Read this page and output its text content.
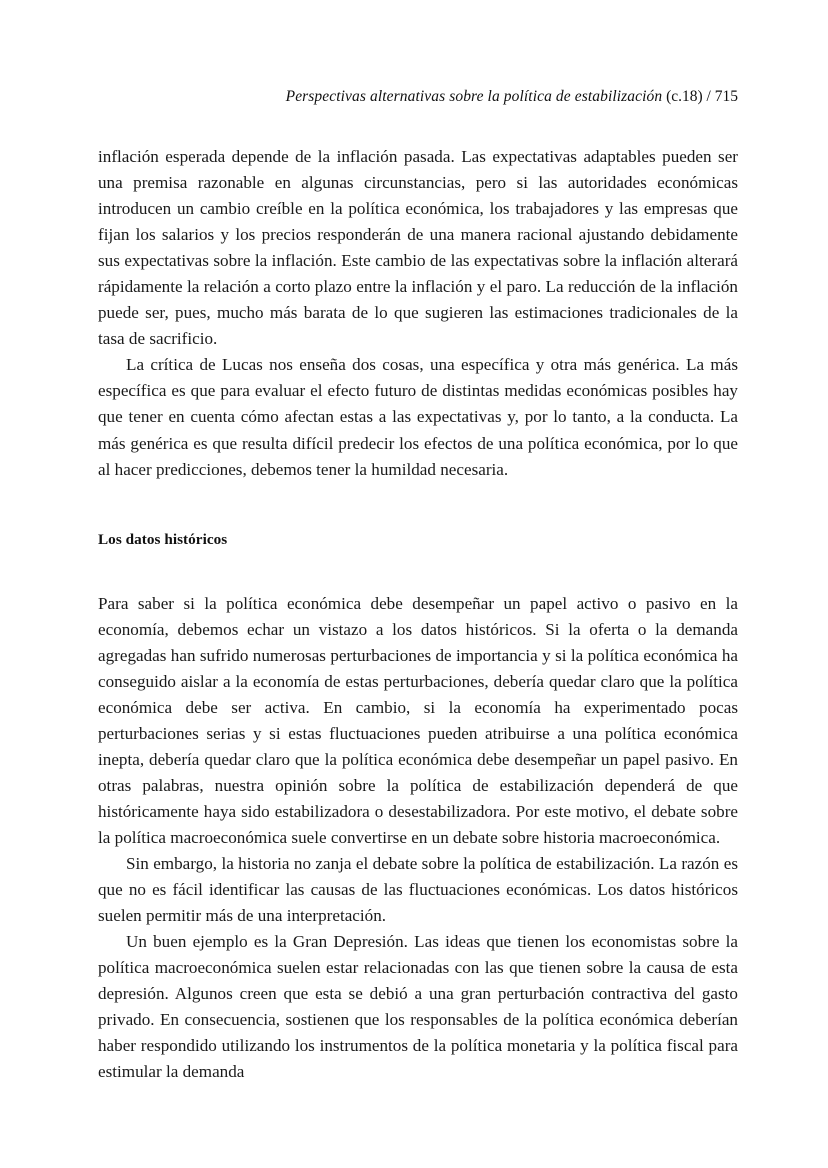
Perspectivas alternativas sobre la política de estabilización (c.18) / 715

inflación esperada depende de la inflación pasada. Las expectativas adaptables pueden ser una premisa razonable en algunas circunstancias, pero si las autoridades económicas introducen un cambio creíble en la política económica, los trabajadores y las empresas que fijan los salarios y los precios responderán de una manera racional ajustando debidamente sus expectativas sobre la inflación. Este cambio de las expectativas sobre la inflación alterará rápidamente la relación a corto plazo entre la inflación y el paro. La reducción de la inflación puede ser, pues, mucho más barata de lo que sugieren las estimaciones tradicionales de la tasa de sacrificio.

La crítica de Lucas nos enseña dos cosas, una específica y otra más genérica. La más específica es que para evaluar el efecto futuro de distintas medidas económicas posibles hay que tener en cuenta cómo afectan estas a las expectativas y, por lo tanto, a la conducta. La más genérica es que resulta difícil predecir los efectos de una política económica, por lo que al hacer predicciones, debemos tener la humildad necesaria.

Los datos históricos

Para saber si la política económica debe desempeñar un papel activo o pasivo en la economía, debemos echar un vistazo a los datos históricos. Si la oferta o la demanda agregadas han sufrido numerosas perturbaciones de importancia y si la política económica ha conseguido aislar a la economía de estas perturbaciones, debería quedar claro que la política económica debe ser activa. En cambio, si la economía ha experimentado pocas perturbaciones serias y si estas fluctuaciones pueden atribuirse a una política económica inepta, debería quedar claro que la política económica debe desempeñar un papel pasivo. En otras palabras, nuestra opinión sobre la política de estabilización dependerá de que históricamente haya sido estabilizadora o desestabilizadora. Por este motivo, el debate sobre la política macroeconómica suele convertirse en un debate sobre historia macroeconómica.

Sin embargo, la historia no zanja el debate sobre la política de estabilización. La razón es que no es fácil identificar las causas de las fluctuaciones económicas. Los datos históricos suelen permitir más de una interpretación.

Un buen ejemplo es la Gran Depresión. Las ideas que tienen los economistas sobre la política macroeconómica suelen estar relacionadas con las que tienen sobre la causa de esta depresión. Algunos creen que esta se debió a una gran perturbación contractiva del gasto privado. En consecuencia, sostienen que los responsables de la política económica deberían haber respondido utilizando los instrumentos de la política monetaria y la política fiscal para estimular la demanda
